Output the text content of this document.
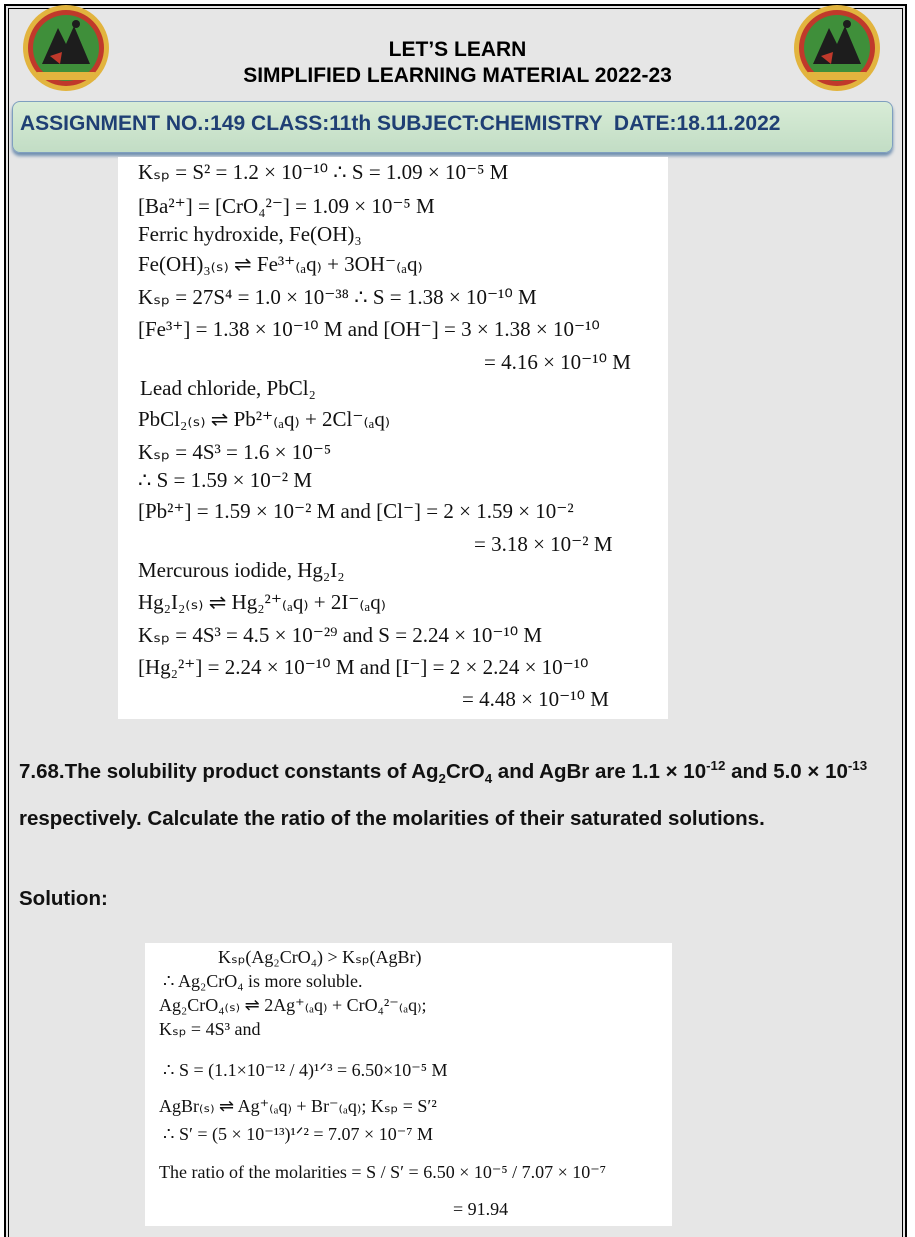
LET’S LEARN
SIMPLIFIED LEARNING MATERIAL 2022-23
ASSIGNMENT NO.:149 CLASS:11th SUBJECT:CHEMISTRY  DATE:18.11.2022
Kₛₚ = S² = 1.2 × 10⁻¹⁰ ∴ S = 1.09 × 10⁻⁵ M
[Ba²⁺] = [CrO₄²⁻] = 1.09 × 10⁻⁵ M
Ferric hydroxide, Fe(OH)₃
Fe(OH)₃₍ₛ₎ ⇌ Fe³⁺₍ₐq₎ + 3OH⁻₍ₐq₎
Kₛₚ = 27S⁴ = 1.0 × 10⁻³⁸ ∴ S = 1.38 × 10⁻¹⁰ M
[Fe³⁺] = 1.38 × 10⁻¹⁰ M and [OH⁻] = 3 × 1.38 × 10⁻¹⁰
= 4.16 × 10⁻¹⁰ M
Lead chloride, PbCl₂
PbCl₂₍ₛ₎ ⇌ Pb²⁺₍ₐq₎ + 2Cl⁻₍ₐq₎
Kₛₚ = 4S³ = 1.6 × 10⁻⁵
∴ S = 1.59 × 10⁻² M
[Pb²⁺] = 1.59 × 10⁻² M and [Cl⁻] = 2 × 1.59 × 10⁻²
= 3.18 × 10⁻² M
Mercurous iodide, Hg₂I₂
Hg₂I₂₍ₛ₎ ⇌ Hg₂²⁺₍ₐq₎ + 2I⁻₍ₐq₎
Kₛₚ = 4S³ = 4.5 × 10⁻²⁹ and S = 2.24 × 10⁻¹⁰ M
[Hg₂²⁺] = 2.24 × 10⁻¹⁰ M and [I⁻] = 2 × 2.24 × 10⁻¹⁰
= 4.48 × 10⁻¹⁰ M
7.68.The solubility product constants of $Ag_2CrO_4$ and AgBr are $1.1 \times 10^{-12}$ and $5.0 \times 10^{-13}$ respectively. Calculate the ratio of the molarities of their saturated solutions.
Solution:
Kₛₚ(Ag₂CrO₄) > Kₛₚ(AgBr)
∴ Ag₂CrO₄ is more soluble.
Ag₂CrO₄₍ₛ₎ ⇌ 2Ag⁺₍ₐq₎ + CrO₄²⁻₍ₐq₎;
Kₛₚ = 4S³ and
∴ S = (1.1×10⁻¹² / 4)¹ᐟ³ = 6.50×10⁻⁵ M
AgBr₍ₛ₎ ⇌ Ag⁺₍ₐq₎ + Br⁻₍ₐq₎; Kₛₚ = S′²
∴ S′ = (5 × 10⁻¹³)¹ᐟ² = 7.07 × 10⁻⁷ M
The ratio of the molarities = S / S′ = 6.50 × 10⁻⁵ / 7.07 × 10⁻⁷
= 91.94
